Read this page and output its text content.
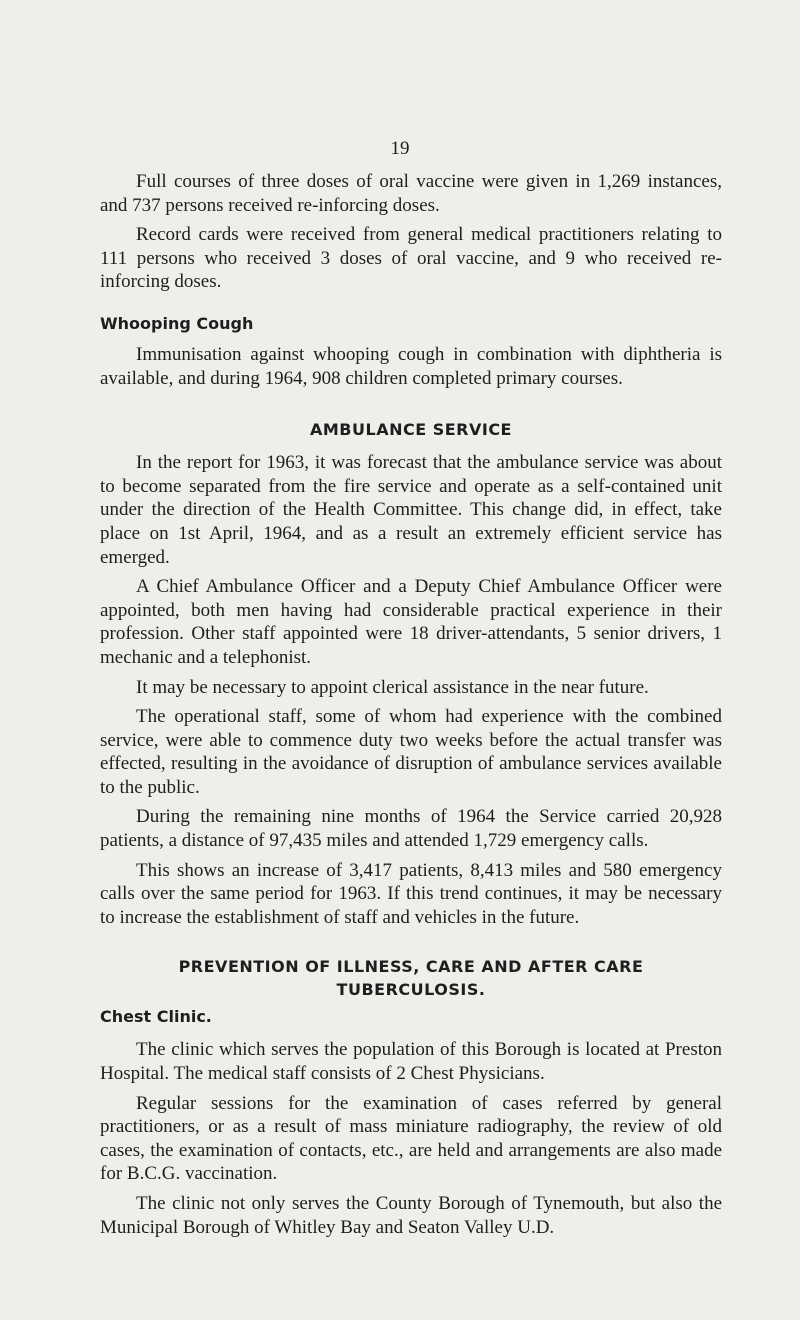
19

Full courses of three doses of oral vaccine were given in 1,269 instances, and 737 persons received re-inforcing doses.

Record cards were received from general medical practitioners relating to 111 persons who received 3 doses of oral vaccine, and 9 who received re-inforcing doses.

Whooping Cough

Immunisation against whooping cough in combination with diphtheria is available, and during 1964, 908 children completed primary courses.

AMBULANCE SERVICE

In the report for 1963, it was forecast that the ambulance service was about to become separated from the fire service and operate as a self-contained unit under the direction of the Health Committee. This change did, in effect, take place on 1st April, 1964, and as a result an extremely efficient service has emerged.

A Chief Ambulance Officer and a Deputy Chief Ambulance Officer were appointed, both men having had considerable practical experience in their profession. Other staff appointed were 18 driver-attendants, 5 senior drivers, 1 mechanic and a telephonist.

It may be necessary to appoint clerical assistance in the near future.

The operational staff, some of whom had experience with the combined service, were able to commence duty two weeks before the actual transfer was effected, resulting in the avoidance of disruption of ambulance services available to the public.

During the remaining nine months of 1964 the Service carried 20,928 patients, a distance of 97,435 miles and attended 1,729 emergency calls.

This shows an increase of 3,417 patients, 8,413 miles and 580 emergency calls over the same period for 1963. If this trend continues, it may be necessary to increase the establishment of staff and vehicles in the future.

PREVENTION OF ILLNESS, CARE AND AFTER CARE
TUBERCULOSIS.
Chest Clinic.

The clinic which serves the population of this Borough is located at Preston Hospital. The medical staff consists of 2 Chest Physicians.

Regular sessions for the examination of cases referred by general practitioners, or as a result of mass miniature radiography, the review of old cases, the examination of contacts, etc., are held and arrangements are also made for B.C.G. vaccination.

The clinic not only serves the County Borough of Tynemouth, but also the Municipal Borough of Whitley Bay and Seaton Valley U.D.
